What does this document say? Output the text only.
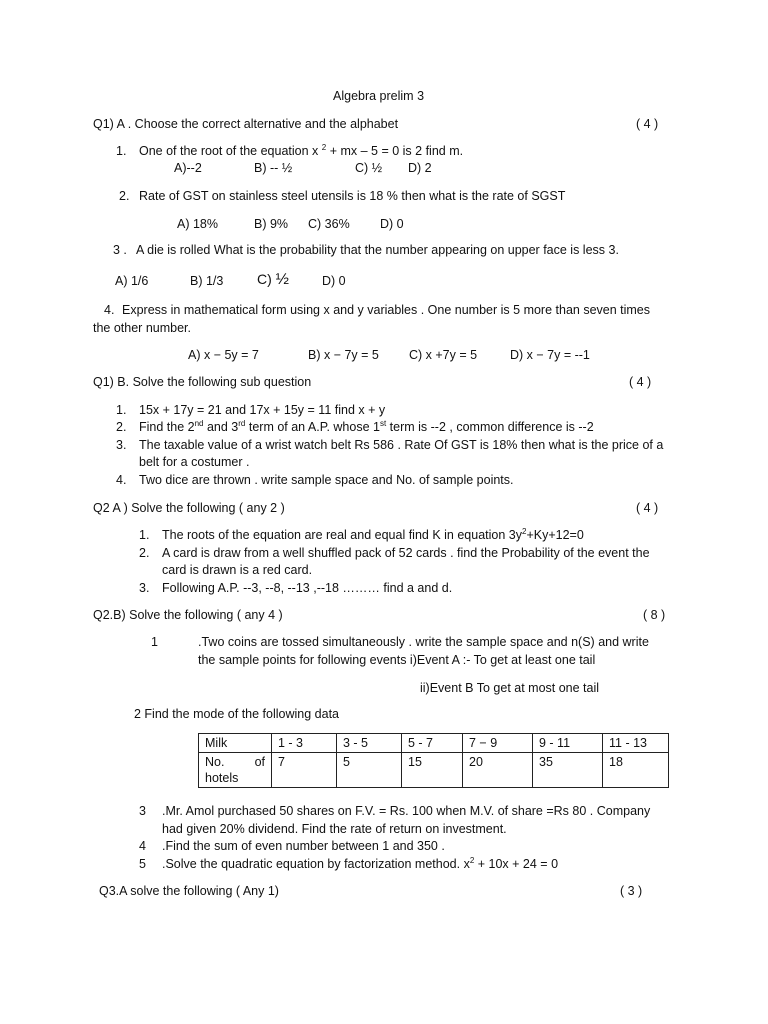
Algebra prelim 3
Q1) A . Choose the correct alternative and the alphabet	( 4 )
1. One of the root of the equation x $^2$ + mx – 5 = 0 is 2 find m.
A)--2	B) -- ½	C) ½ D) 2
2. Rate of GST on stainless steel utensils is 18 % then what is the rate of SGST
A) 18%	B) 9% C) 36% D) 0
3 . A die is rolled What is the probability that the number appearing on upper face is less 3.
A) 1/6	B) 1/3 C) ½	D) 0
4. Express in mathematical form using x and y variables . One number is 5 more than seven times
the other number.
A) x − 5y = 7	B) x − 7y = 5 C) x +7y = 5	D) x − 7y = --1
Q1) B. Solve the following sub question	( 4 )
1. 15x + 17y = 21 and 17x + 15y = 11 find x + y
2. Find the 2nd and 3rd term of an A.P. whose 1st term is --2 , common difference is --2
3. The taxable value of a wrist watch belt Rs 586 . Rate Of GST is 18% then what is the price of a
belt for a costumer .
4. Two dice are thrown . write sample space and No. of sample points.
Q2 A ) Solve the following ( any 2 )	( 4 )
1. The roots of the equation are real and equal find K in equation $3y^2+Ky+12=0$
2. A card is draw from a well shuffled pack of 52 cards . find the Probability of the event the
card is drawn is a red card.
3. Following A.P. --3, --8, --13 ,--18 ……… find a and d.
Q2.B) Solve the following ( any 4 )	( 8 )
1	.Two coins are tossed simultaneously . write the sample space and n(S) and write
the sample points for following events i)Event A :- To get at least one tail
ii)Event B To get at most one tail
2 Find the mode of the following data
Milk	1 - 3	3 - 5	5 - 7	7 − 9	9 - 11	11 - 13

No. of
hotels	7	5	15	20	35	18
3 .Mr. Amol purchased 50 shares on F.V. = Rs. 100 when M.V. of share =Rs 80 . Company
had given 20% dividend. Find the rate of return on investment.
4 .Find the sum of even number between 1 and 350 .
5 .Solve the quadratic equation by factorization method. $x^2 + 10x + 24 = 0$
Q3.A solve the following ( Any 1)	( 3 )
